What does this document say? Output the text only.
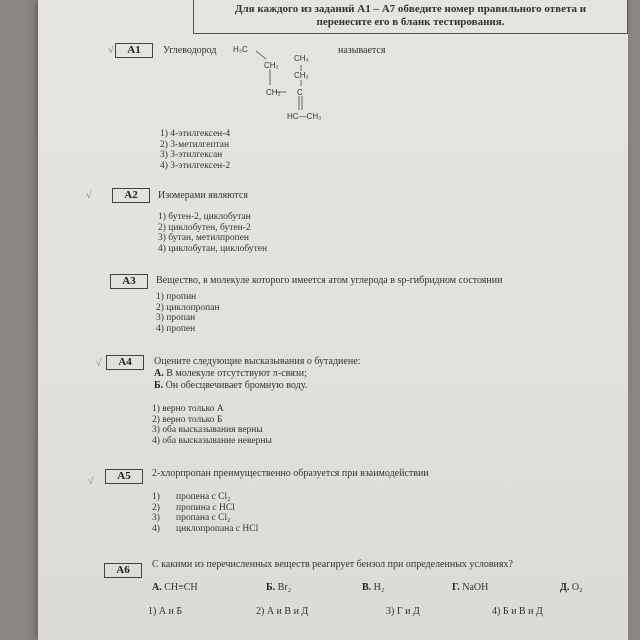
Для каждого из заданий А1 – А7 обведите номер правильного ответа и
перенесите его в бланк тестирования.
√	А1	Углеводород	называется
H₃C
CH₂
CH₃
CH₂
CH₂ C
HC—CH₃
1) 4-этилгексен-4
2) 3-метилгептан
3) 3-этилгексан
4) 3-этилгексен-2
√	А2	Изомерами являются
1) бутен-2, циклобутан
2) циклобутен, бутен-2
3) бутан, метилпропен
4) циклобутан, циклобутен
А3	Вещество, в молекуле которого имеется атом углерода в sp-гибридном состоянии
1) пропин
2) циклопропан
3) пропан
4) пропен
√	А4	Оцените следующие высказывания о бутадиене:
А. В молекуле отсутствуют π-связи;
Б. Он обесцвечивает бромную воду.
1) верно только А
2) верно только Б
3) оба высказывания верны
4) оба высказывание неверны
√	А5	2-хлорпропан преимущественно образуется при взаимодействии
1) пропена с Cl₂
2) пропина с HCl
3) пропана с Cl₂
4) циклопропана с HCl
А6	С какими из перечисленных веществ реагирует бензол при определенных условиях?
А. CH≡CH	Б. Br₂	В. H₂	Г. NaOH	Д. O₂
1) А и Б	2) А и В и Д	3) Г и Д	4) Б и В и Д
